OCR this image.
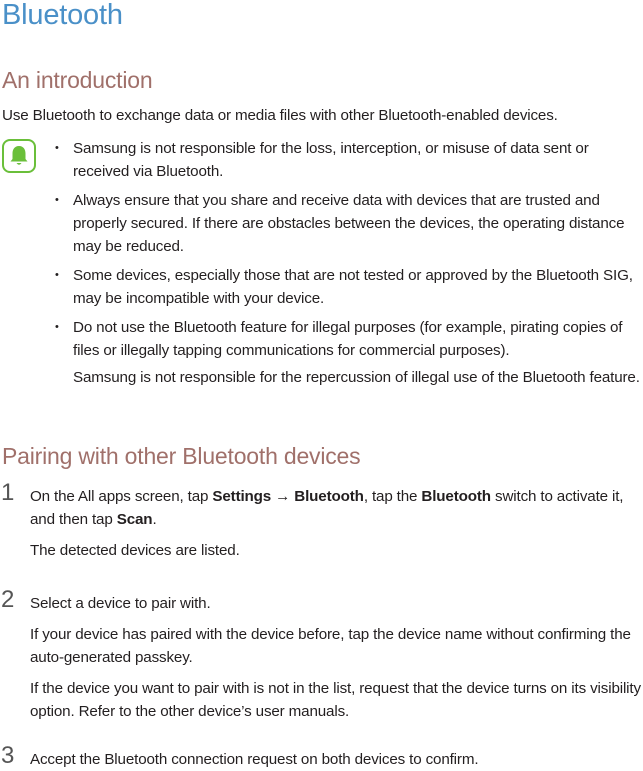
Bluetooth
An introduction
Use Bluetooth to exchange data or media files with other Bluetooth-enabled devices.
• Samsung is not responsible for the loss, interception, or misuse of data sent or received via Bluetooth.
• Always ensure that you share and receive data with devices that are trusted and properly secured. If there are obstacles between the devices, the operating distance may be reduced.
• Some devices, especially those that are not tested or approved by the Bluetooth SIG, may be incompatible with your device.
• Do not use the Bluetooth feature for illegal purposes (for example, pirating copies of files or illegally tapping communications for commercial purposes).
Samsung is not responsible for the repercussion of illegal use of the Bluetooth feature.
Pairing with other Bluetooth devices
1 On the All apps screen, tap Settings → Bluetooth, tap the Bluetooth switch to activate it, and then tap Scan.

The detected devices are listed.

2 Select a device to pair with.

If your device has paired with the device before, tap the device name without confirming the auto-generated passkey.

If the device you want to pair with is not in the list, request that the device turns on its visibility option. Refer to the other device’s user manuals.

3 Accept the Bluetooth connection request on both devices to confirm.
